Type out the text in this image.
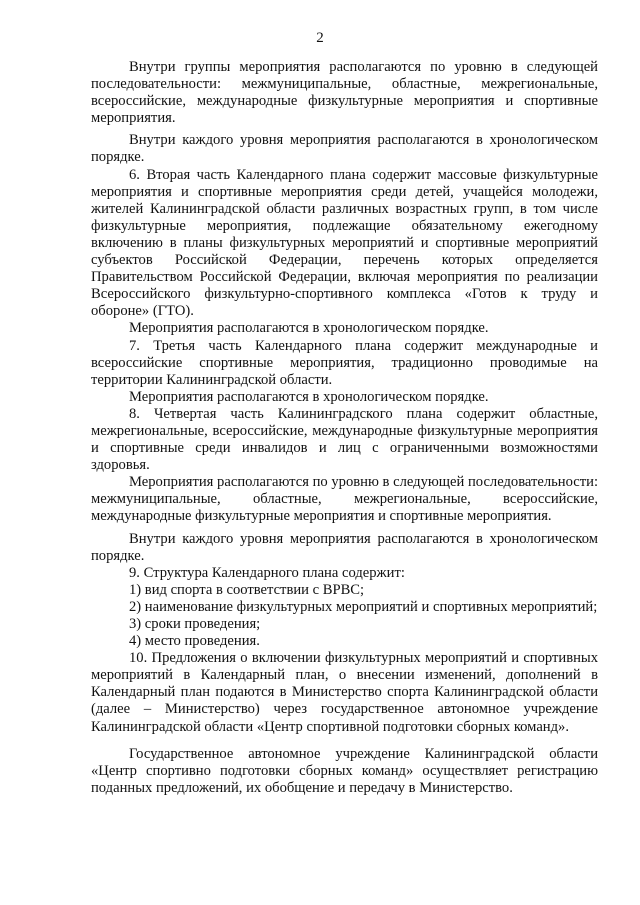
2

Внутри группы мероприятия располагаются по уровню в следующей последовательности: межмуниципальные, областные, межрегиональные, всероссийские, международные физкультурные мероприятия и спортивные мероприятия.

Внутри каждого уровня мероприятия располагаются в хронологическом порядке.

6. Вторая часть Календарного плана содержит массовые физкультурные мероприятия и спортивные мероприятия среди детей, учащейся молодежи, жителей Калининградской области различных возрастных групп, в том числе физкультурные мероприятия, подлежащие обязательному ежегодному включению в планы физкультурных мероприятий и спортивные мероприятий субъектов Российской Федерации, перечень которых определяется Правительством Российской Федерации, включая мероприятия по реализации Всероссийского физкультурно-спортивного комплекса «Готов к труду и обороне» (ГТО).

Мероприятия располагаются в хронологическом порядке.

7. Третья часть Календарного плана содержит международные и всероссийские спортивные мероприятия, традиционно проводимые на территории Калининградской области.

Мероприятия располагаются в хронологическом порядке.

8. Четвертая часть Калининградского плана содержит областные, межрегиональные, всероссийские, международные физкультурные мероприятия и спортивные среди инвалидов и лиц с ограниченными возможностями здоровья.

Мероприятия располагаются по уровню в следующей последовательности: межмуниципальные, областные, межрегиональные, всероссийские, международные физкультурные мероприятия и спортивные мероприятия.

Внутри каждого уровня мероприятия располагаются в хронологическом порядке.

9. Структура Календарного плана содержит:

1) вид спорта в соответствии с ВРВС;

2) наименование физкультурных мероприятий и спортивных мероприятий;

3) сроки проведения;

4) место проведения.

10. Предложения о включении физкультурных мероприятий и спортивных мероприятий в Календарный план, о внесении изменений, дополнений в Календарный план подаются в Министерство спорта Калининградской области (далее – Министерство) через государственное автономное учреждение Калининградской области «Центр спортивной подготовки сборных команд».

Государственное автономное учреждение Калининградской области «Центр спортивно подготовки сборных команд» осуществляет регистрацию поданных предложений, их обобщение и передачу в Министерство.
